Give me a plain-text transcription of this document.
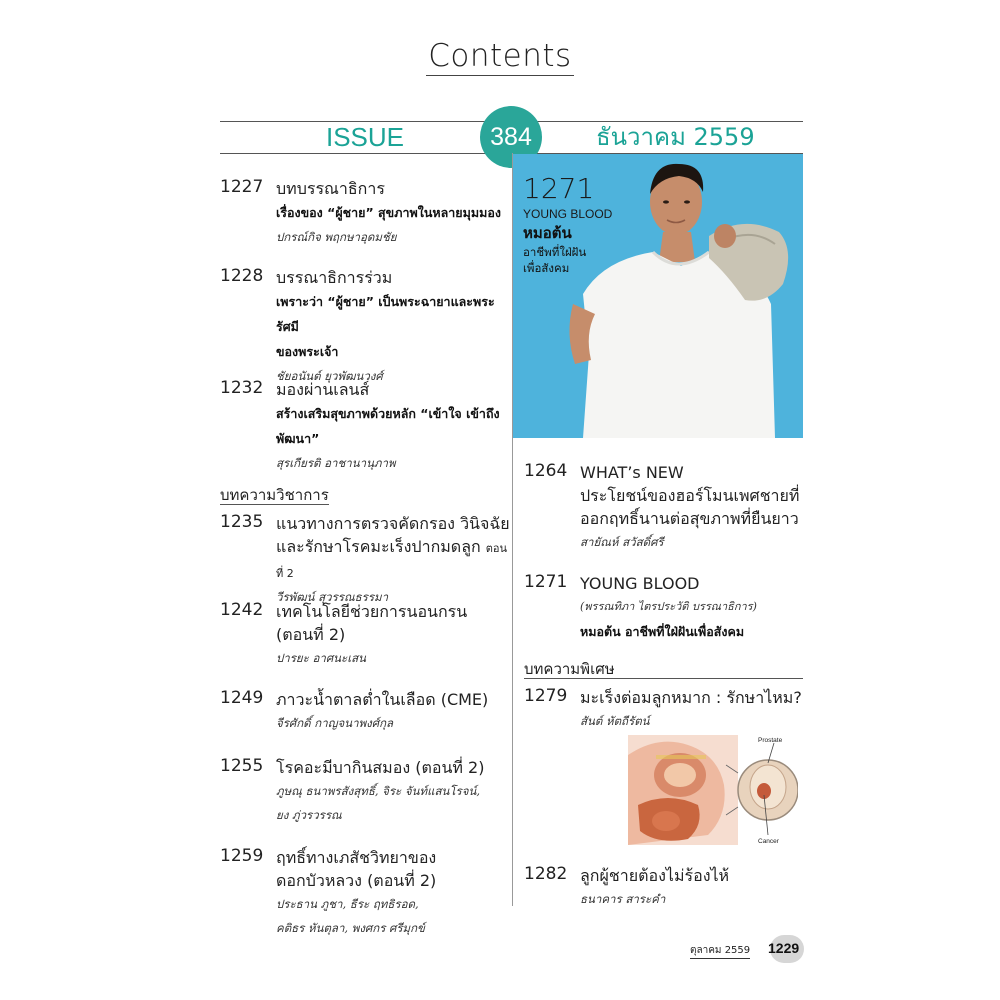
Contents
ISSUE	384	ธันวาคม 2559
1227 บทบรรณาธิการ
เรื่องของ “ผู้ชาย” สุขภาพในหลายมุมมอง
ปกรณ์กิจ พฤกษาอุดมชัย
1228 บรรณาธิการร่วม
เพราะว่า “ผู้ชาย” เป็นพระฉายาและพระรัศมี
ของพระเจ้า
ชัยอนันต์ ยุวพัฒนวงศ์
1232 มองผ่านเลนส์
สร้างเสริมสุขภาพด้วยหลัก “เข้าใจ เข้าถึง
พัฒนา”
สุรเกียรติ อาชานานุภาพ
บทความวิชาการ
1235 แนวทางการตรวจคัดกรอง วินิจฉัย
และรักษาโรคมะเร็งปากมดลูก ตอนที่ 2
วีรพัฒน์ สุวรรณธรรมา
1242 เทคโนโลยีช่วยการนอนกรน
(ตอนที่ 2)
ปารยะ อาศนะเสน
1249 ภาวะน้ำตาลต่ำในเลือด (CME)
จีรศักดิ์ กาญจนาพงศ์กุล
1255 โรคอะมีบากินสมอง (ตอนที่ 2)
ภูษณุ ธนาพรสังสุทธิ์, จิระ จันท์แสนโรจน์,
ยง ภู่วรวรรณ
1259 ฤทธิ์ทางเภสัชวิทยาของ
ดอกบัวหลวง (ตอนที่ 2)
ประธาน ภูชา, ธีระ ฤทธิรอด,
คติธร หันตุลา, พงศกร ศรีมุกข์
1271
YOUNG BLOOD
หมอต้น
อาชีพที่ใฝ่ฝัน
เพื่อสังคม
1264 WHAT’s NEW
ประโยชน์ของฮอร์โมนเพศชายที่
ออกฤทธิ์นานต่อสุขภาพที่ยืนยาว
สายัณห์ สวัสดิ์ศรี
1271 YOUNG BLOOD
(พรรณทิภา ไตรประวัติ บรรณาธิการ)
หมอต้น อาชีพที่ใฝ่ฝันเพื่อสังคม
บทความพิเศษ
1279 มะเร็งต่อมลูกหมาก : รักษาไหม?
สันต์ หัตถีรัตน์
Prostate
Cancer
1282 ลูกผู้ชายต้องไม่ร้องไห้
ธนาคาร สาระคำ
ตุลาคม 2559 1229
